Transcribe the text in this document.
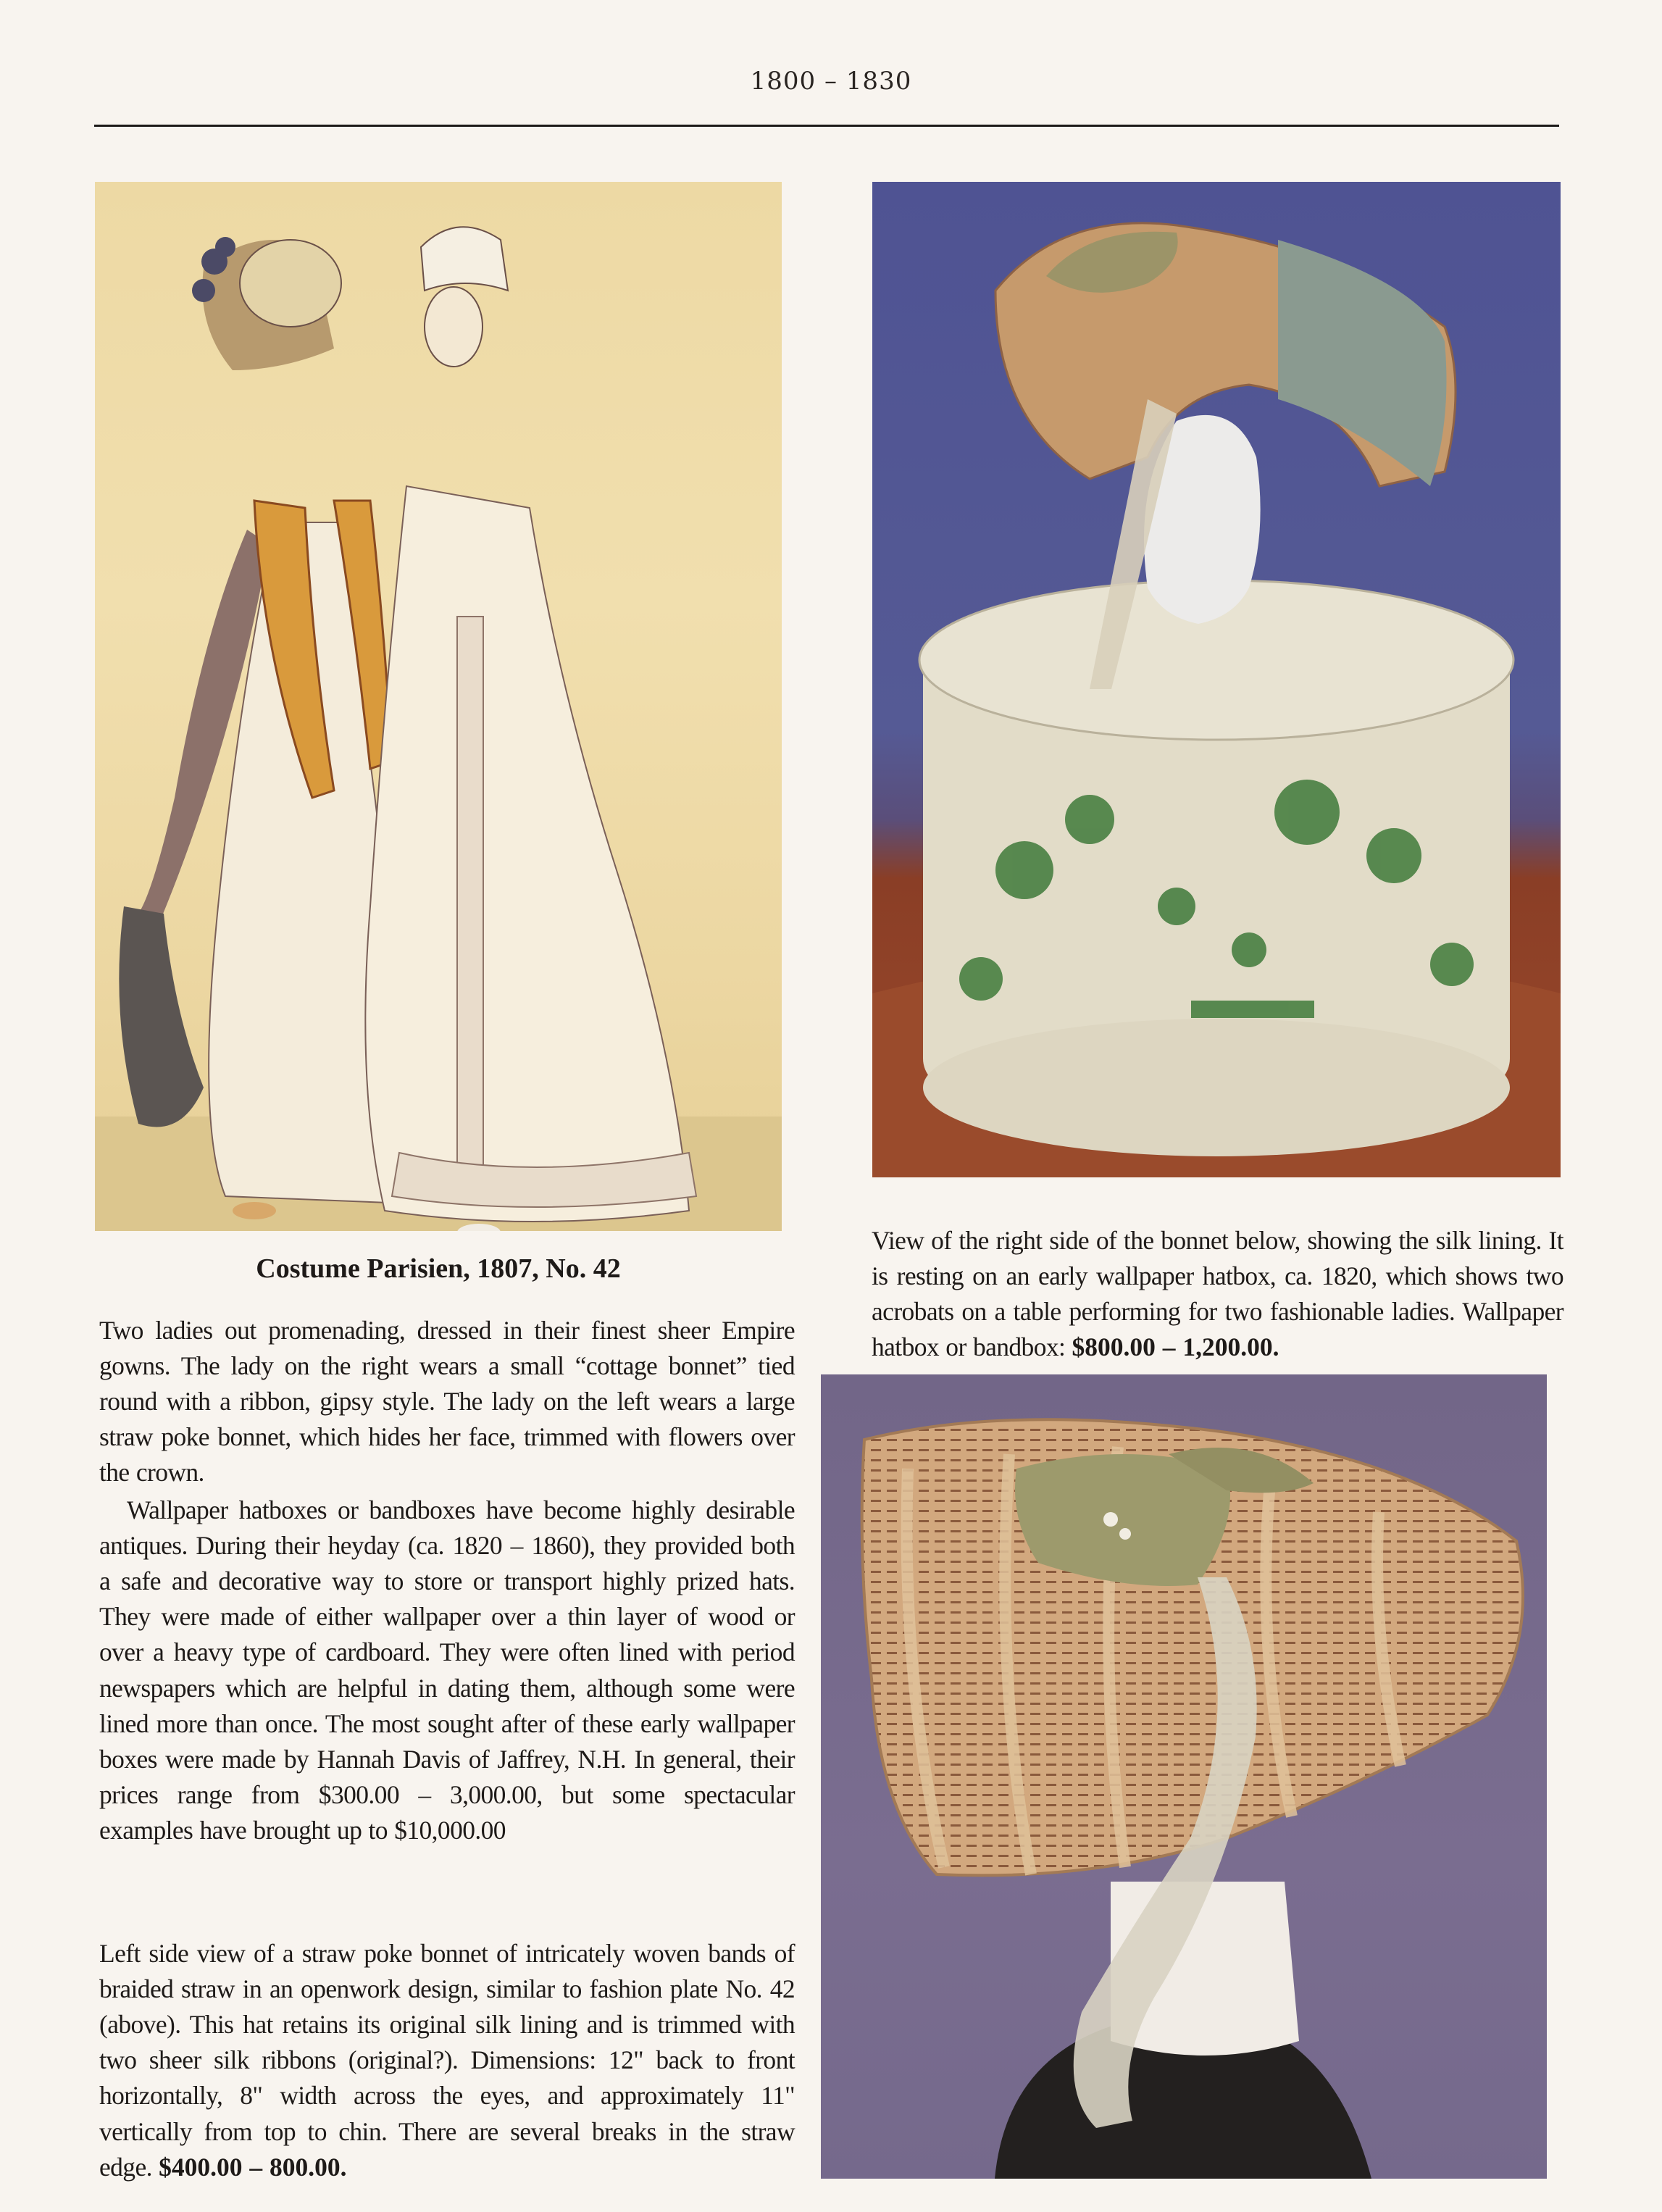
1800 – 1830
Costume Parisien, 1807, No. 42

Two ladies out promenading, dressed in their finest sheer Empire gowns. The lady on the right wears a small “cottage bonnet” tied round with a ribbon, gipsy style. The lady on the left wears a large straw poke bonnet, which hides her face, trimmed with flowers over the crown.

Wallpaper hatboxes or bandboxes have become highly desirable antiques. During their heyday (ca. 1820 – 1860), they provided both a safe and decorative way to store or transport highly prized hats. They were made of either wallpaper over a thin layer of wood or over a heavy type of cardboard. They were often lined with period newspapers which are helpful in dating them, although some were lined more than once. The most sought after of these early wallpaper boxes were made by Hannah Davis of Jaffrey, N.H. In general, their prices range from $300.00 – 3,000.00, but some spectacular examples have brought up to $10,000.00

Left side view of a straw poke bonnet of intricately woven bands of braided straw in an openwork design, similar to fashion plate No. 42 (above). This hat retains its original silk lining and is trimmed with two sheer silk ribbons (original?). Dimensions: 12" back to front horizontally, 8" width across the eyes, and approximately 11" vertically from top to chin. There are several breaks in the straw edge. $400.00 – 800.00.

View of the right side of the bonnet below, showing the silk lining. It is resting on an early wallpaper hatbox, ca. 1820, which shows two acrobats on a table performing for two fashionable ladies. Wallpaper hatbox or bandbox: $800.00 – 1,200.00.
